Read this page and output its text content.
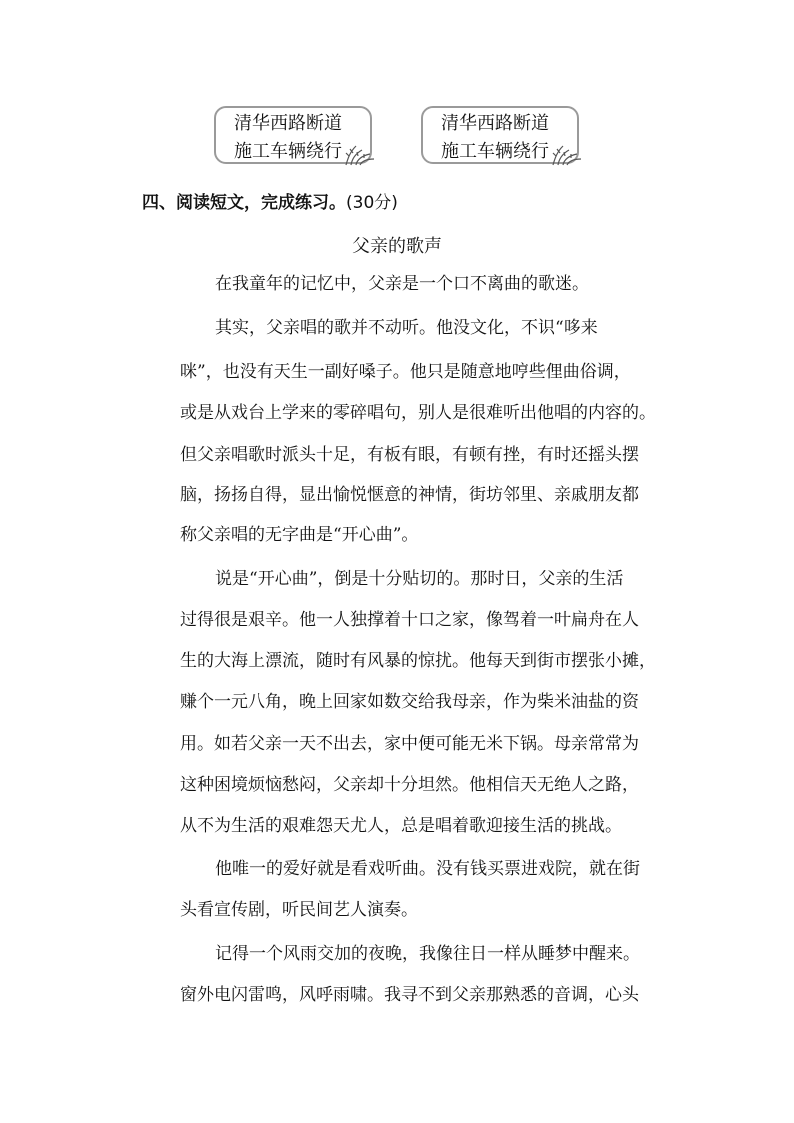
清华西路断道
施工车辆绕行
清华西路断道
施工车辆绕行
四、阅读短文，完成练习。(30分)
父亲的歌声
在我童年的记忆中，父亲是一个口不离曲的歌迷。
其实，父亲唱的歌并不动听。他没文化，不识“哆来
咪”，也没有天生一副好嗓子。他只是随意地哼些俚曲俗调，
或是从戏台上学来的零碎唱句，别人是很难听出他唱的内容的。
但父亲唱歌时派头十足，有板有眼，有顿有挫，有时还摇头摆
脑，扬扬自得，显出愉悦惬意的神情，街坊邻里、亲戚朋友都
称父亲唱的无字曲是“开心曲”。
说是“开心曲”，倒是十分贴切的。那时日，父亲的生活
过得很是艰辛。他一人独撑着十口之家，像驾着一叶扁舟在人
生的大海上漂流，随时有风暴的惊扰。他每天到街市摆张小摊，
赚个一元八角，晚上回家如数交给我母亲，作为柴米油盐的资
用。如若父亲一天不出去，家中便可能无米下锅。母亲常常为
这种困境烦恼愁闷，父亲却十分坦然。他相信天无绝人之路，
从不为生活的艰难怨天尤人，总是唱着歌迎接生活的挑战。
他唯一的爱好就是看戏听曲。没有钱买票进戏院，就在街
头看宣传剧，听民间艺人演奏。
记得一个风雨交加的夜晚，我像往日一样从睡梦中醒来。
窗外电闪雷鸣，风呼雨啸。我寻不到父亲那熟悉的音调，心头
